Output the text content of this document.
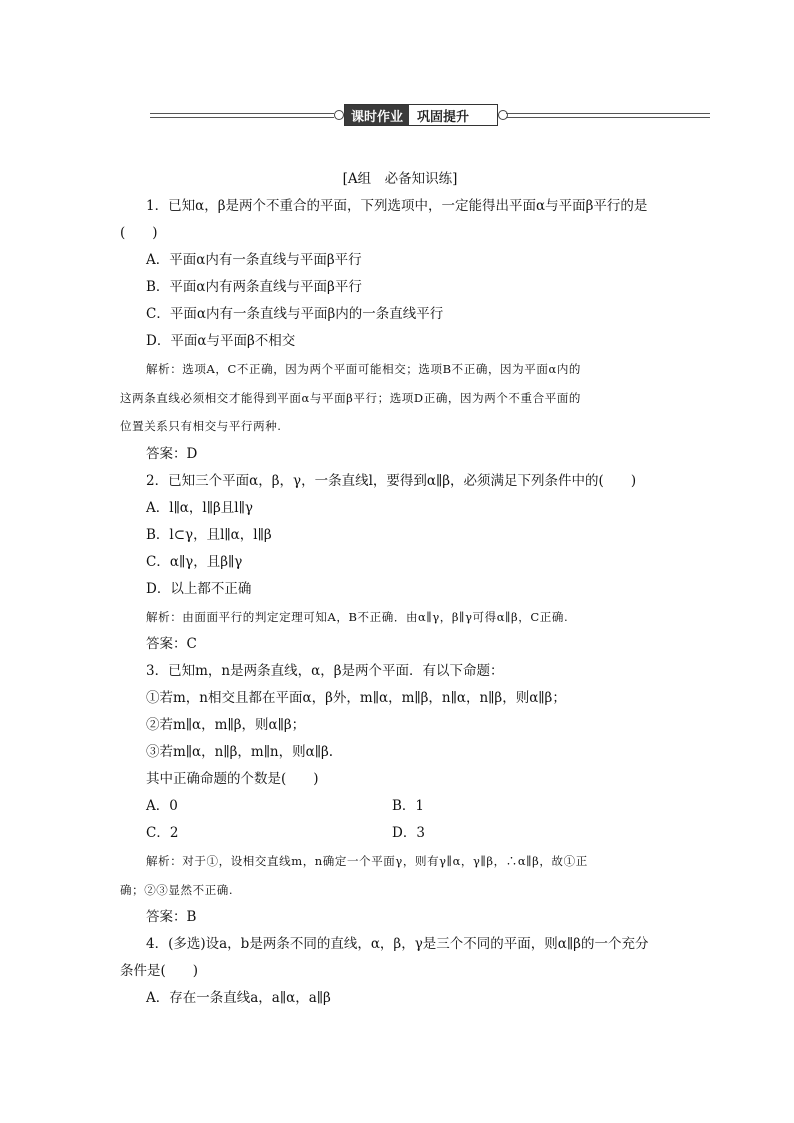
课时作业	巩固提升
[A组　必备知识练]
1．已知α，β是两个不重合的平面，下列选项中，一定能得出平面α与平面β平行的是
(　　)
A．平面α内有一条直线与平面β平行
B．平面α内有两条直线与平面β平行
C．平面α内有一条直线与平面β内的一条直线平行
D．平面α与平面β不相交
解析：选项A，C不正确，因为两个平面可能相交；选项B不正确，因为平面α内的
这两条直线必须相交才能得到平面α与平面β平行；选项D正确，因为两个不重合平面的
位置关系只有相交与平行两种.
答案：D
2．已知三个平面α，β，γ，一条直线l，要得到α∥β，必须满足下列条件中的(　　)
A．l∥α，l∥β且l∥γ
B．l⊂γ，且l∥α，l∥β
C．α∥γ，且β∥γ
D．以上都不正确
解析：由面面平行的判定定理可知A，B不正确．由α∥γ，β∥γ可得α∥β，C正确.
答案：C
3．已知m，n是两条直线，α，β是两个平面．有以下命题：
①若m，n相交且都在平面α，β外，m∥α，m∥β，n∥α，n∥β，则α∥β；
②若m∥α，m∥β，则α∥β；
③若m∥α，n∥β，m∥n，则α∥β.
其中正确命题的个数是(　　)
A．0	B．1
C．2	D．3
解析：对于①，设相交直线m，n确定一个平面γ，则有γ∥α，γ∥β，∴α∥β，故①正
确；②③显然不正确.
答案：B
4．(多选)设a，b是两条不同的直线，α，β，γ是三个不同的平面，则α∥β的一个充分
条件是(　　)
A．存在一条直线a，a∥α，a∥β
